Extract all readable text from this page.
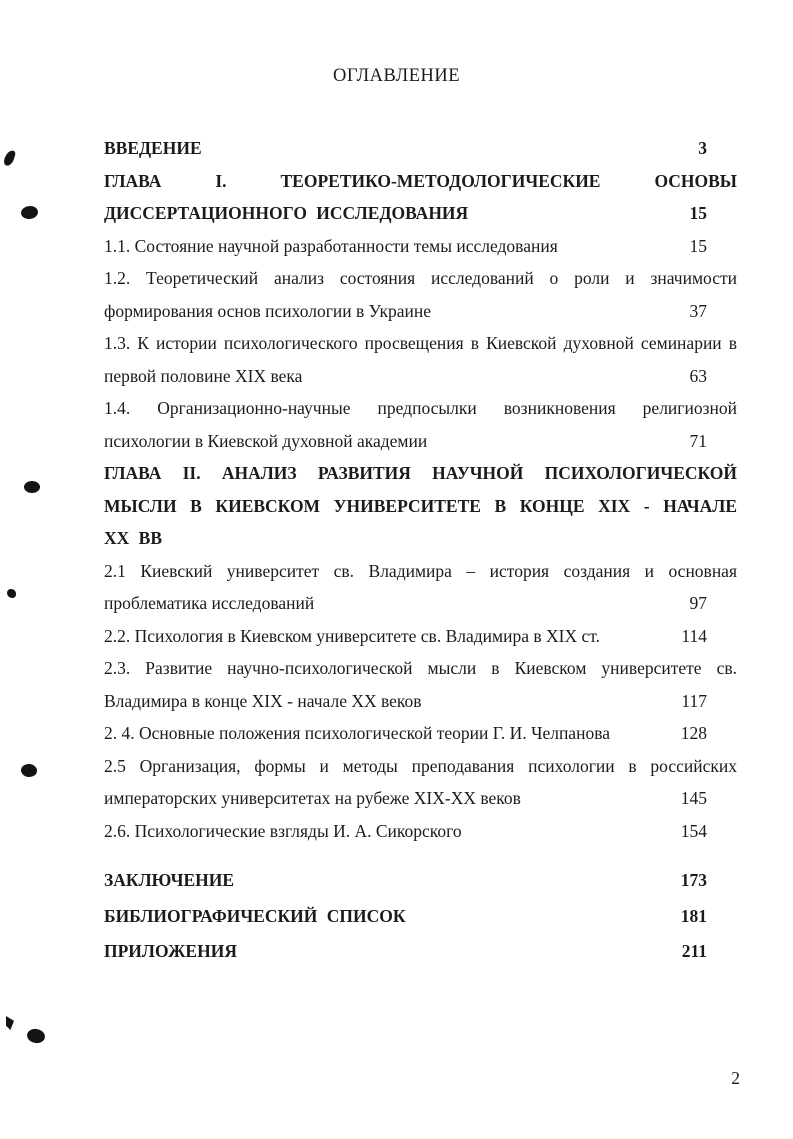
ОГЛАВЛЕНИЕ
ВВЕДЕНИЕ	3
ГЛАВА I. ТЕОРЕТИКО-МЕТОДОЛОГИЧЕСКИЕ ОСНОВЫ ДИССЕРТАЦИОННОГО ИССЛЕДОВАНИЯ	15
1.1. Состояние научной разработанности темы исследования	15
1.2. Теоретический анализ состояния исследований о роли и значимости формирования основ психологии в Украине	37
1.3. К истории психологического просвещения в Киевской духовной семинарии в первой половине XIX века	63
1.4. Организационно-научные предпосылки возникновения религиозной психологии в Киевской духовной академии	71
ГЛАВА II. АНАЛИЗ РАЗВИТИЯ НАУЧНОЙ ПСИХОЛОГИЧЕСКОЙ МЫСЛИ В КИЕВСКОМ УНИВЕРСИТЕТЕ В КОНЦЕ XIX - НАЧАЛЕ XX ВВ
2.1 Киевский университет св. Владимира – история создания и основная проблематика исследований	97
2.2. Психология в Киевском университете св. Владимира в XIX ст.	114
2.3. Развитие научно-психологической мысли в Киевском университете св. Владимира в конце XIX - начале XX веков	117
2. 4. Основные положения психологической теории Г. И. Челпанова	128
2.5 Организация, формы и методы преподавания психологии в российских императорских университетах на рубеже XIX-XX веков	145
2.6. Психологические взгляды И. А. Сикорского	154
ЗАКЛЮЧЕНИЕ	173
БИБЛИОГРАФИЧЕСКИЙ СПИСОК	181
ПРИЛОЖЕНИЯ	211
2
